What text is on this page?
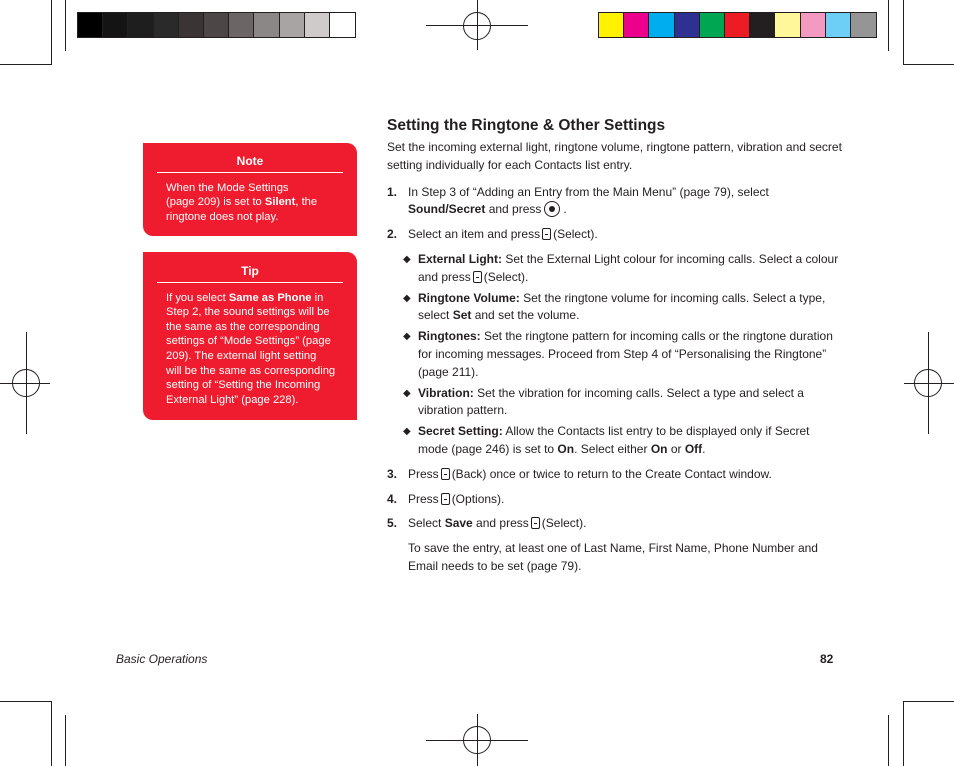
Note
When the Mode Settings
(page 209) is set to Silent, the
ringtone does not play.
Tip
If you select Same as Phone in
Step 2, the sound settings will be
the same as the corresponding
settings of “Mode Settings” (page
209). The external light setting
will be the same as corresponding
setting of “Setting the Incoming
External Light” (page 228).
Setting the Ringtone & Other Settings

Set the incoming external light, ringtone volume, ringtone pattern, vibration and secret setting individually for each Contacts list entry.

1. In Step 3 of “Adding an Entry from the Main Menu” (page 79), select Sound/Secret and press .
2. Select an item and press (Select).
◆ External Light: Set the External Light colour for incoming calls. Select a colour and press (Select).
◆ Ringtone Volume: Set the ringtone volume for incoming calls. Select a type, select Set and set the volume.
◆ Ringtones: Set the ringtone pattern for incoming calls or the ringtone duration for incoming messages. Proceed from Step 4 of “Personalising the Ringtone” (page 211).
◆ Vibration: Set the vibration for incoming calls. Select a type and select a vibration pattern.
◆ Secret Setting: Allow the Contacts list entry to be displayed only if Secret mode (page 246) is set to On. Select either On or Off.
3. Press (Back) once or twice to return to the Create Contact window.
4. Press (Options).
5. Select Save and press (Select).

To save the entry, at least one of Last Name, First Name, Phone Number and Email needs to be set (page 79).

Basic Operations	82
